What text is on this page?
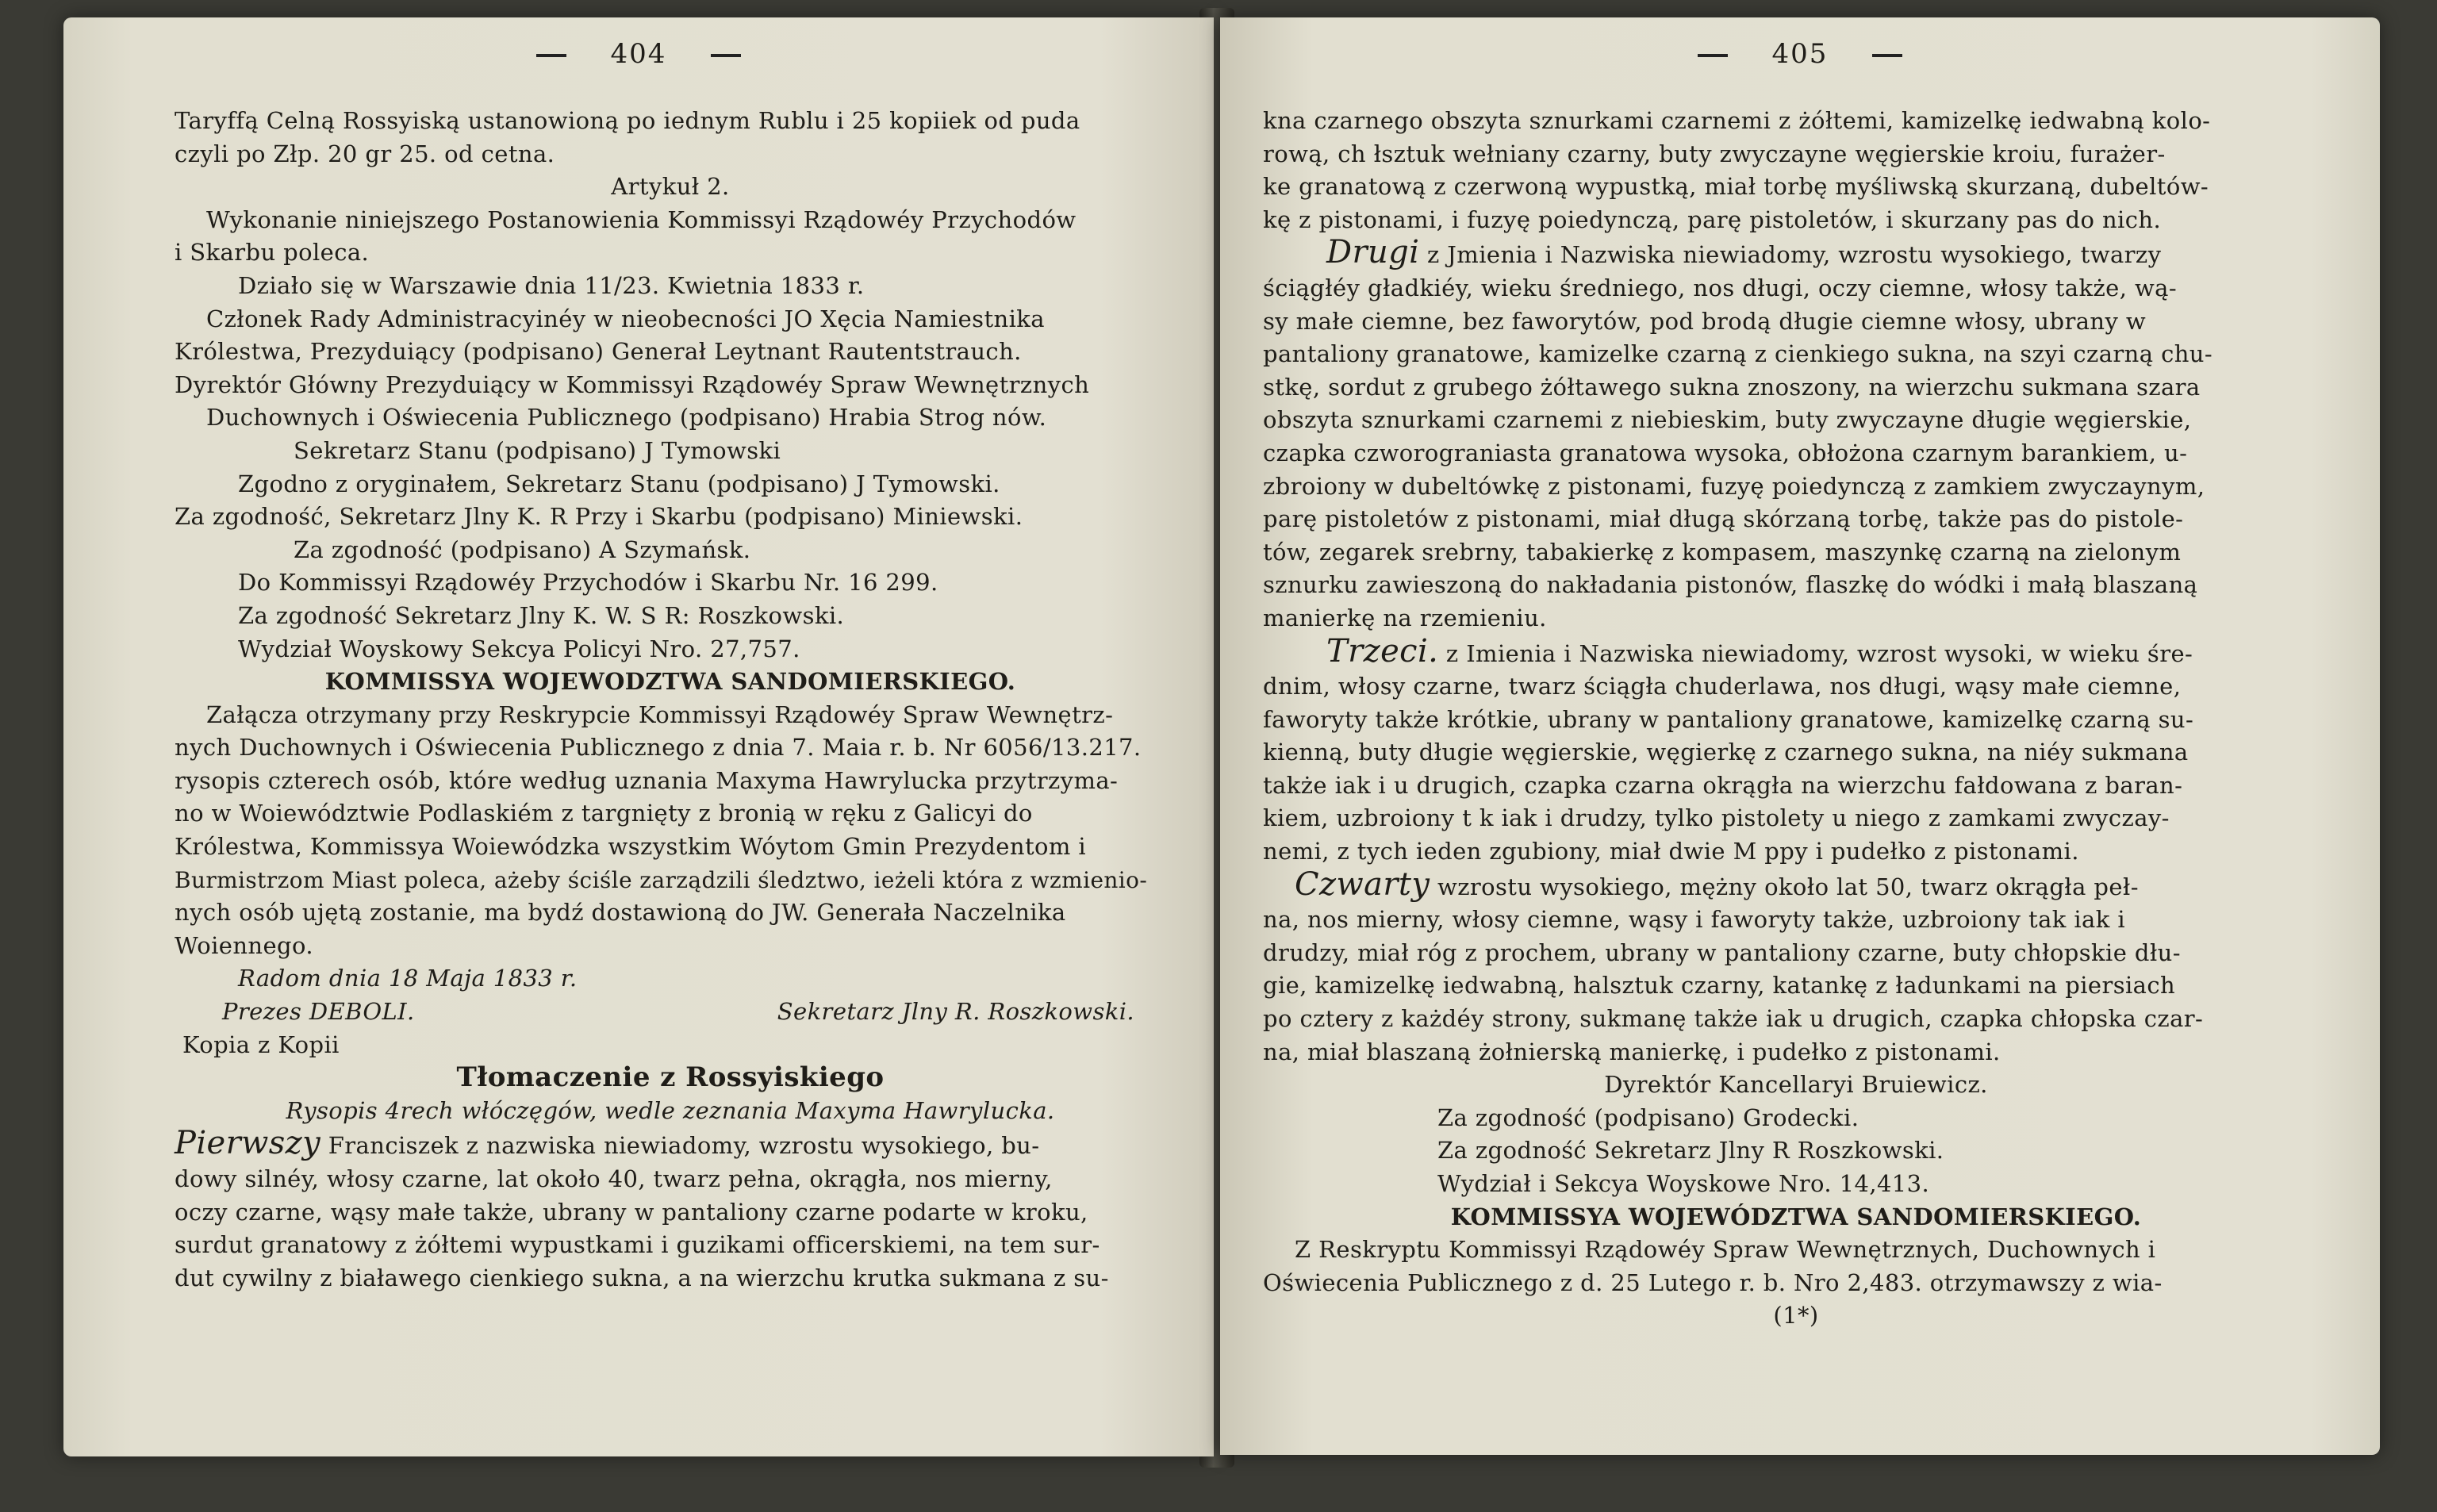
404
Taryffą Celną Rossyiską ustanowioną po iednym Rublu i 25 kopiiek od puda
czyli po Złp. 20 gr 25. od cetna.
Artykuł 2.
Wykonanie niniejszego Postanowienia Kommissyi Rządowéy Przychodów
i Skarbu poleca.
Działo się w Warszawie dnia 11/23. Kwietnia 1833 r.
Członek Rady Administracyinéy w nieobecności JO Xęcia Namiestnika
Królestwa, Prezyduiący (podpisano) Generał Leytnant Rautentstrauch.
Dyrektór Główny Prezyduiący w Kommissyi Rządowéy Spraw Wewnętrznych
Duchownych i Oświecenia Publicznego (podpisano) Hrabia Strog nów.
Sekretarz Stanu (podpisano) J Tymowski
Zgodno z oryginałem, Sekretarz Stanu (podpisano) J Tymowski.
Za zgodność, Sekretarz Jlny K. R Przy i Skarbu (podpisano) Miniewski.
Za zgodność (podpisano) A Szymańsk.
Do Kommissyi Rządowéy Przychodów i Skarbu Nr. 16 299.
Za zgodność Sekretarz Jlny K. W. S R: Roszkowski.
Wydział Woyskowy Sekcya Policyi Nro. 27,757.
KOMMISSYA WOJEWODZTWA SANDOMIERSKIEGO.
Załącza otrzymany przy Reskrypcie Kommissyi Rządowéy Spraw Wewnętrz-
nych Duchownych i Oświecenia Publicznego z dnia 7. Maia r. b. Nr 6056/13.217.
rysopis czterech osób, które według uznania Maxyma Hawrylucka przytrzyma-
no w Woiewództwie Podlaskiém z targnięty z bronią w ręku z Galicyi do
Królestwa, Kommissya Woiewódzka wszystkim Wóytom Gmin Prezydentom i
Burmistrzom Miast poleca, ażeby ściśle zarządzili śledztwo, ieżeli która z wzmienio-
nych osób ujętą zostanie, ma bydź dostawioną do JW. Generała Naczelnika
Woiennego.
Radom dnia 18 Maja 1833 r.
Prezes DEBOLI.	Sekretarz Jlny R. Roszkowski.
Kopia z Kopii
Tłomaczenie z Rossyiskiego
Rysopis 4rech włóczęgów, wedle zeznania Maxyma Hawrylucka.
Pierwszy Franciszek z nazwiska niewiadomy, wzrostu wysokiego, bu-
dowy silnéy, włosy czarne, lat około 40, twarz pełna, okrągła, nos mierny,
oczy czarne, wąsy małe także, ubrany w pantaliony czarne podarte w kroku,
surdut granatowy z żółtemi wypustkami i guzikami officerskiemi, na tem sur-
dut cywilny z białawego cienkiego sukna, a na wierzchu krutka sukmana z su-
405
kna czarnego obszyta sznurkami czarnemi z żółtemi, kamizelkę iedwabną kolo-
rową, ch łsztuk wełniany czarny, buty zwyczayne węgierskie kroiu, furażer-
ke granatową z czerwoną wypustką, miał torbę myśliwską skurzaną, dubeltów-
kę z pistonami, i fuzyę poiedynczą, parę pistoletów, i skurzany pas do nich.
Drugi z Jmienia i Nazwiska niewiadomy, wzrostu wysokiego, twarzy
ściągłéy gładkiéy, wieku średniego, nos długi, oczy ciemne, włosy także, wą-
sy małe ciemne, bez faworytów, pod brodą długie ciemne włosy, ubrany w
pantaliony granatowe, kamizelke czarną z cienkiego sukna, na szyi czarną chu-
stkę, sordut z grubego żółtawego sukna znoszony, na wierzchu sukmana szara
obszyta sznurkami czarnemi z niebieskim, buty zwyczayne długie węgierskie,
czapka czworograniasta granatowa wysoka, obłożona czarnym barankiem, u-
zbroiony w dubeltówkę z pistonami, fuzyę poiedynczą z zamkiem zwyczaynym,
parę pistoletów z pistonami, miał długą skórzaną torbę, także pas do pistole-
tów, zegarek srebrny, tabakierkę z kompasem, maszynkę czarną na zielonym
sznurku zawieszoną do nakładania pistonów, flaszkę do wódki i małą blaszaną
manierkę na rzemieniu.
Trzeci. z Imienia i Nazwiska niewiadomy, wzrost wysoki, w wieku śre-
dnim, włosy czarne, twarz ściągła chuderlawa, nos długi, wąsy małe ciemne,
faworyty także krótkie, ubrany w pantaliony granatowe, kamizelkę czarną su-
kienną, buty długie węgierskie, węgierkę z czarnego sukna, na niéy sukmana
także iak i u drugich, czapka czarna okrągła na wierzchu fałdowana z baran-
kiem, uzbroiony t k iak i drudzy, tylko pistolety u niego z zamkami zwyczay-
nemi, z tych ieden zgubiony, miał dwie M ppy i pudełko z pistonami.
Czwarty wzrostu wysokiego, mężny około lat 50, twarz okrągła peł-
na, nos mierny, włosy ciemne, wąsy i faworyty także, uzbroiony tak iak i
drudzy, miał róg z prochem, ubrany w pantaliony czarne, buty chłopskie dłu-
gie, kamizelkę iedwabną, halsztuk czarny, katankę z ładunkami na piersiach
po cztery z każdéy strony, sukmanę także iak u drugich, czapka chłopska czar-
na, miał blaszaną żołnierską manierkę, i pudełko z pistonami.
Dyrektór Kancellaryi Bruiewicz.
Za zgodność (podpisano) Grodecki.
Za zgodność Sekretarz Jlny R Roszkowski.
Wydział i Sekcya Woyskowe Nro. 14,413.
KOMMISSYA WOJEWÓDZTWA SANDOMIERSKIEGO.
Z Reskryptu Kommissyi Rządowéy Spraw Wewnętrznych, Duchownych i
Oświecenia Publicznego z d. 25 Lutego r. b. Nro 2,483. otrzymawszy z wia-
(1*)
